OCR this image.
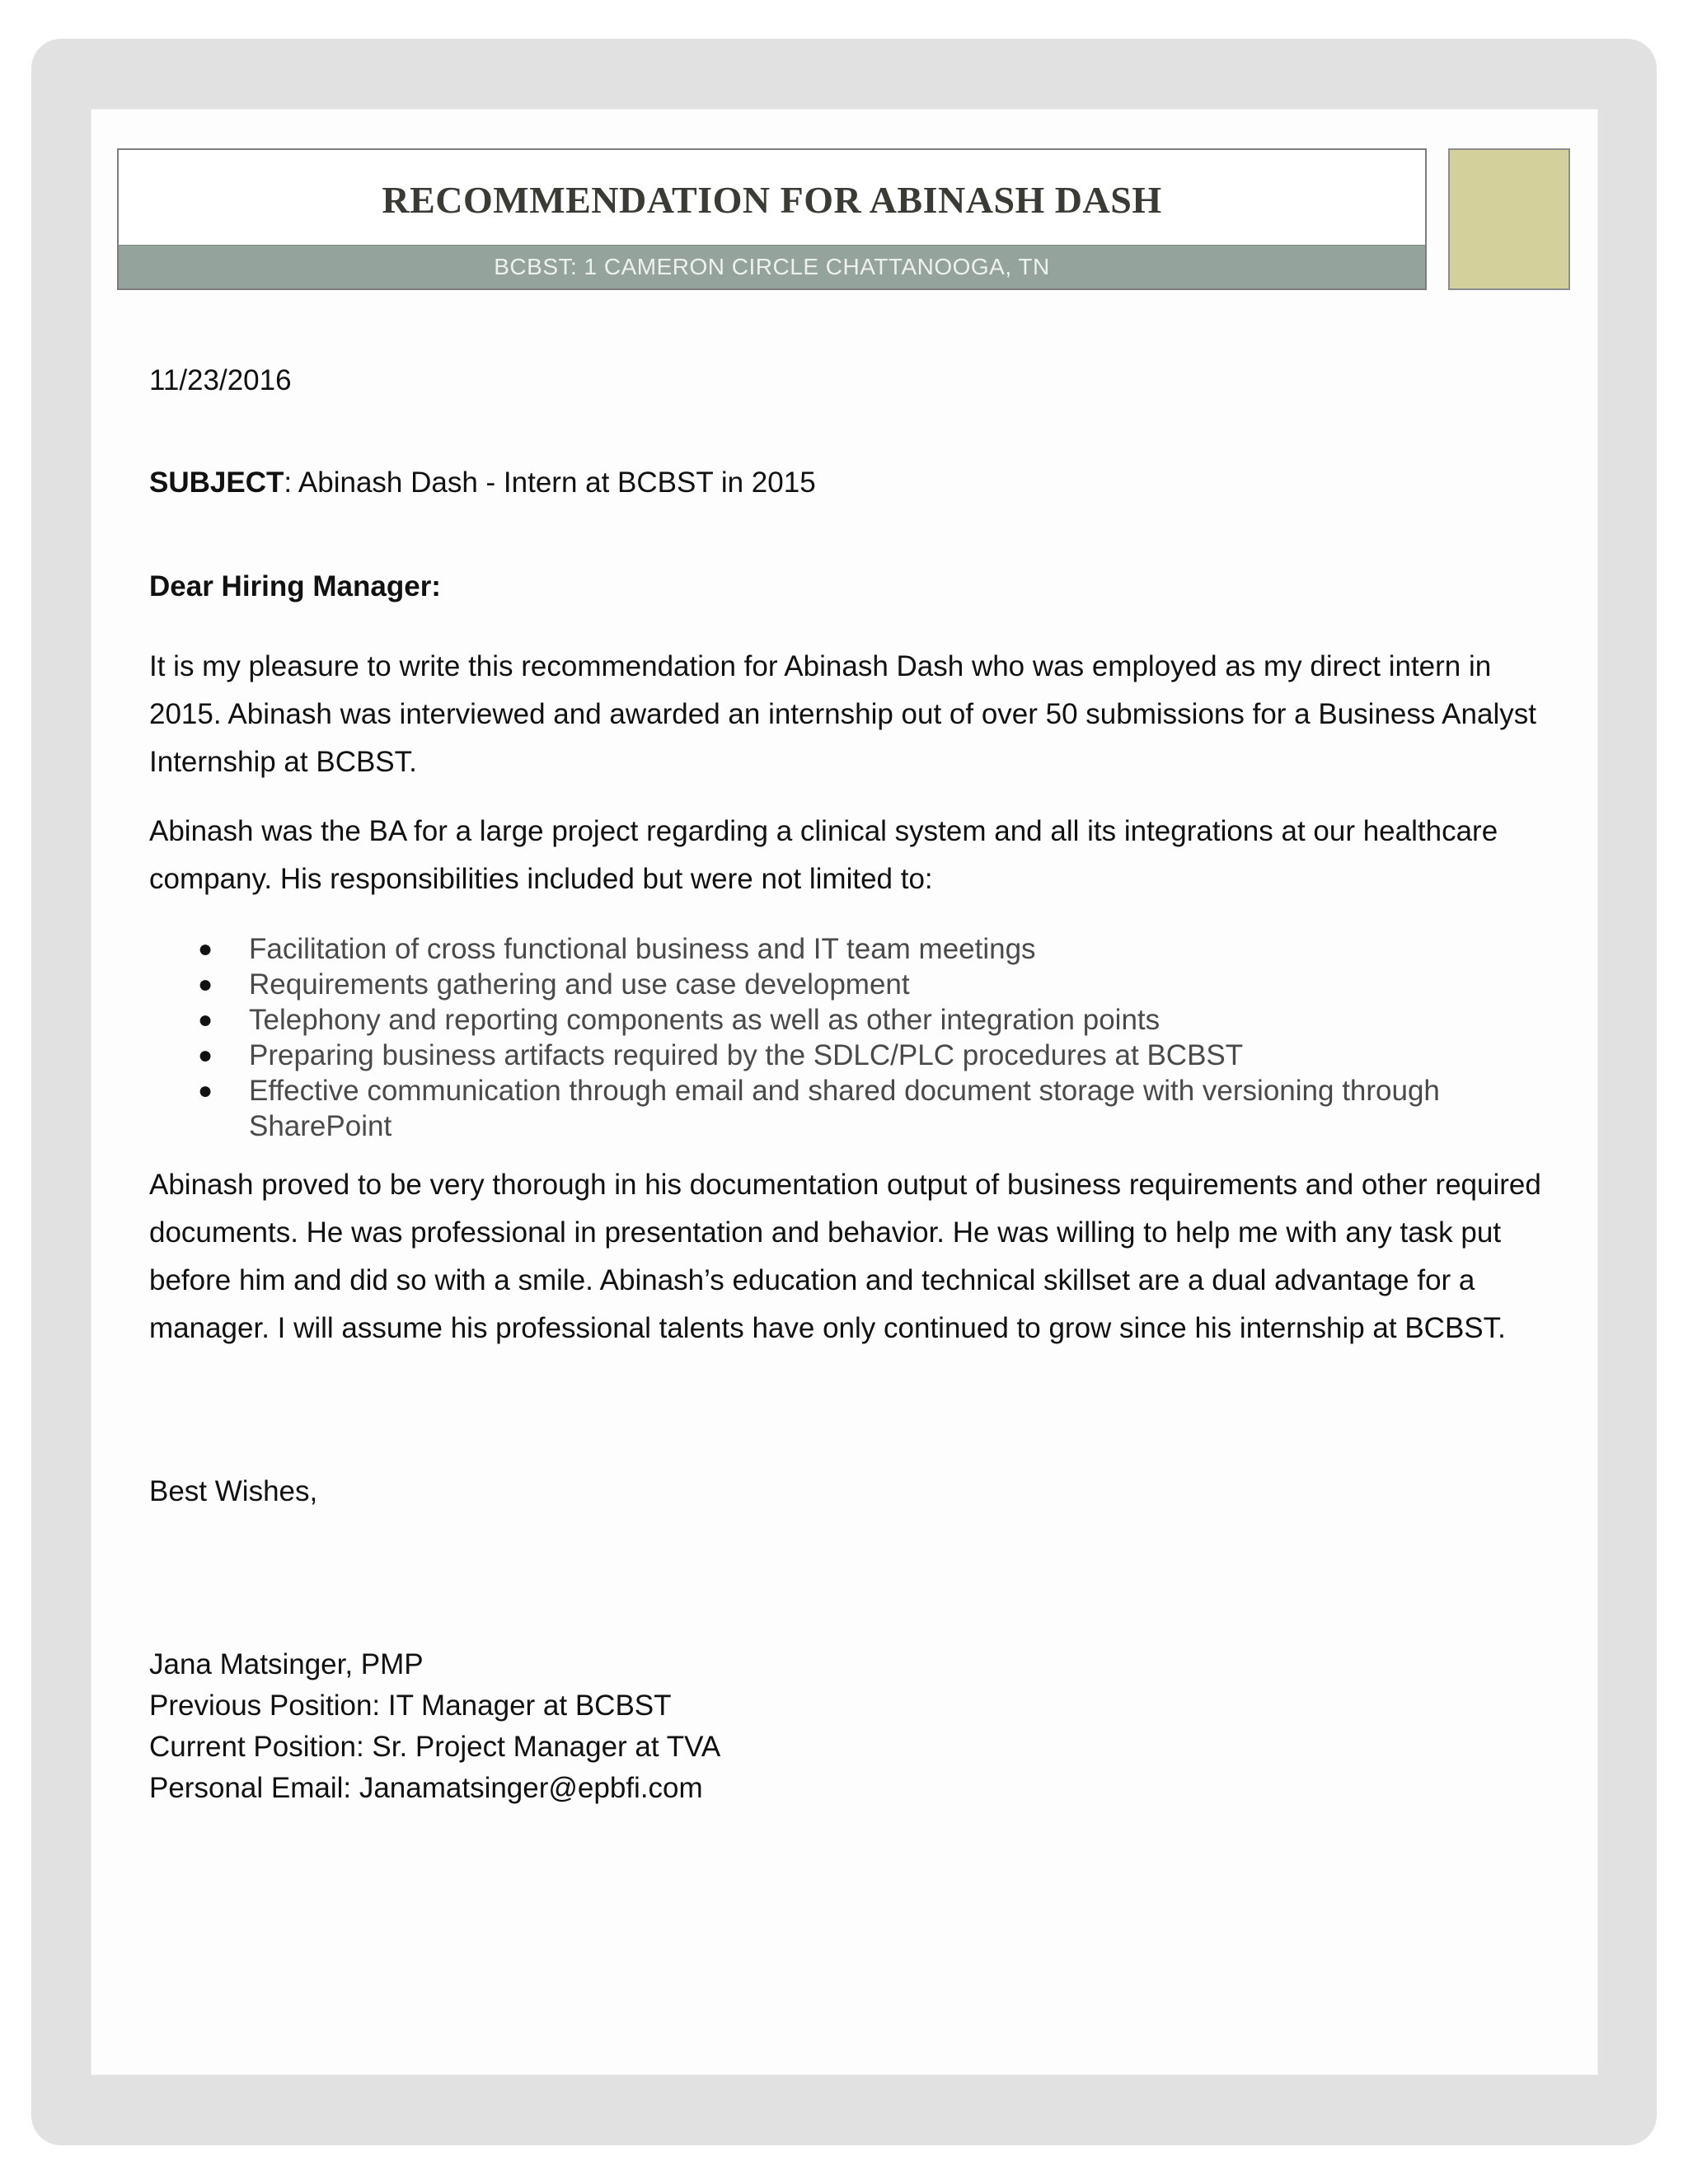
RECOMMENDATION FOR ABINASH DASH
BCBST: 1 CAMERON CIRCLE CHATTANOOGA, TN
11/23/2016
SUBJECT: Abinash Dash - Intern at BCBST in 2015
Dear Hiring Manager:
It is my pleasure to write this recommendation for Abinash Dash who was employed as my direct intern in 2015. Abinash was interviewed and awarded an internship out of over 50 submissions for a Business Analyst Internship at BCBST.
Abinash was the BA for a large project regarding a clinical system and all its integrations at our healthcare company. His responsibilities included but were not limited to:
● Facilitation of cross functional business and IT team meetings
● Requirements gathering and use case development
● Telephony and reporting components as well as other integration points
● Preparing business artifacts required by the SDLC/PLC procedures at BCBST
● Effective communication through email and shared document storage with versioning through SharePoint
Abinash proved to be very thorough in his documentation output of business requirements and other required documents. He was professional in presentation and behavior. He was willing to help me with any task put before him and did so with a smile. Abinash’s education and technical skillset are a dual advantage for a manager. I will assume his professional talents have only continued to grow since his internship at BCBST.
Best Wishes,
Jana Matsinger, PMP
Previous Position: IT Manager at BCBST
Current Position: Sr. Project Manager at TVA
Personal Email: Janamatsinger@epbfi.com
